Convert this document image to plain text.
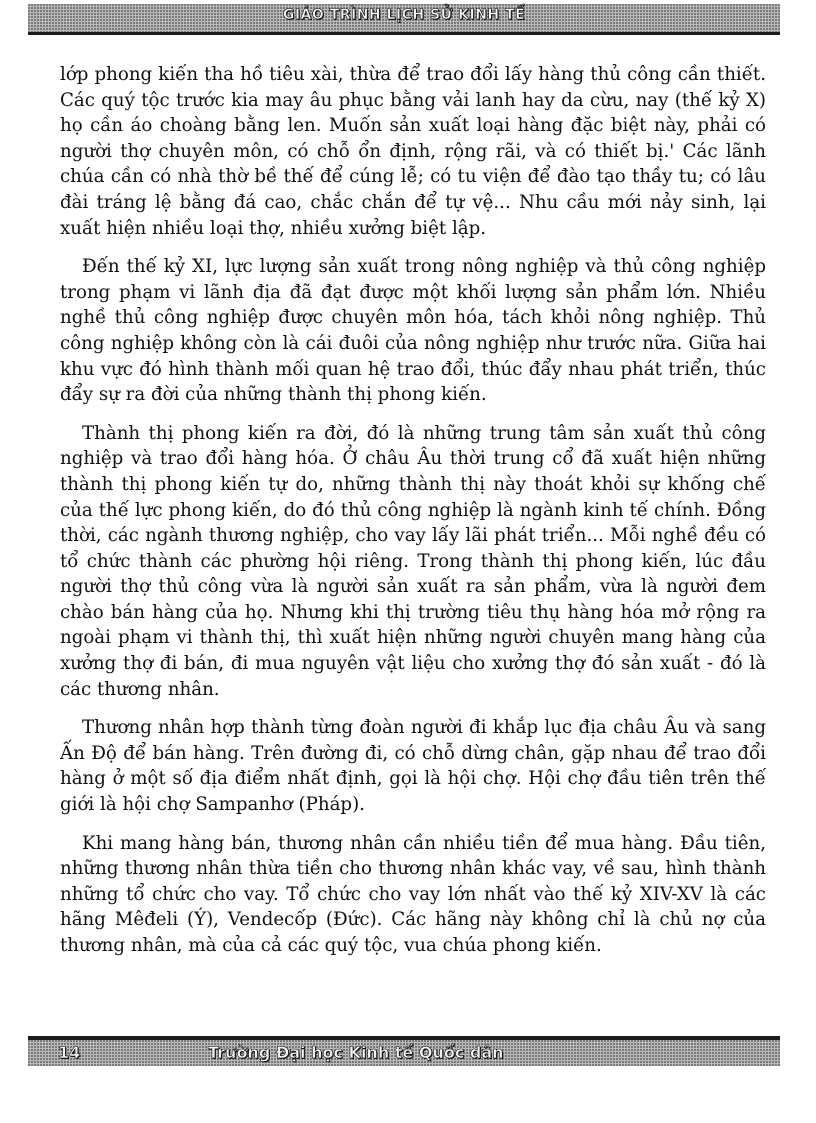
GIÁO TRÌNH LỊCH SỬ KINH TẾ

lớp phong kiến tha hồ tiêu xài, thừa để trao đổi lấy hàng thủ công cần thiết. Các quý tộc trước kia may âu phục bằng vải lanh hay da cừu, nay (thế kỷ X) họ cần áo choàng bằng len. Muốn sản xuất loại hàng đặc biệt này, phải có người thợ chuyên môn, có chỗ ổn định, rộng rãi, và có thiết bị.' Các lãnh chúa cần có nhà thờ bề thế để cúng lễ; có tu viện để đào tạo thầy tu; có lâu đài tráng lệ bằng đá cao, chắc chắn để tự vệ... Nhu cầu mới nảy sinh, lại xuất hiện nhiều loại thợ, nhiều xưởng biệt lập.

Đến thế kỷ XI, lực lượng sản xuất trong nông nghiệp và thủ công nghiệp trong phạm vi lãnh địa đã đạt được một khối lượng sản phẩm lớn. Nhiều nghề thủ công nghiệp được chuyên môn hóa, tách khỏi nông nghiệp. Thủ công nghiệp không còn là cái đuôi của nông nghiệp như trước nữa. Giữa hai khu vực đó hình thành mối quan hệ trao đổi, thúc đẩy nhau phát triển, thúc đẩy sự ra đời của những thành thị phong kiến.

Thành thị phong kiến ra đời, đó là những trung tâm sản xuất thủ công nghiệp và trao đổi hàng hóa. Ở châu Âu thời trung cổ đã xuất hiện những thành thị phong kiến tự do, những thành thị này thoát khỏi sự khống chế của thế lực phong kiến, do đó thủ công nghiệp là ngành kinh tế chính. Đồng thời, các ngành thương nghiệp, cho vay lấy lãi phát triển... Mỗi nghề đều có tổ chức thành các phường hội riêng. Trong thành thị phong kiến, lúc đầu người thợ thủ công vừa là người sản xuất ra sản phẩm, vừa là người đem chào bán hàng của họ. Nhưng khi thị trường tiêu thụ hàng hóa mở rộng ra ngoài phạm vi thành thị, thì xuất hiện những người chuyên mang hàng của xưởng thợ đi bán, đi mua nguyên vật liệu cho xưởng thợ đó sản xuất - đó là các thương nhân.

Thương nhân hợp thành từng đoàn người đi khắp lục địa châu Âu và sang Ấn Độ để bán hàng. Trên đường đi, có chỗ dừng chân, gặp nhau để trao đổi hàng ở một số địa điểm nhất định, gọi là hội chợ. Hội chợ đầu tiên trên thế giới là hội chợ Sampanhơ (Pháp).

Khi mang hàng bán, thương nhân cần nhiều tiền để mua hàng. Đầu tiên, những thương nhân thừa tiền cho thương nhân khác vay, về sau, hình thành những tổ chức cho vay. Tổ chức cho vay lớn nhất vào thế kỷ XIV-XV là các hãng Mêđeli (Ý), Vendecốp (Đức). Các hãng này không chỉ là chủ nợ của thương nhân, mà của cả các quý tộc, vua chúa phong kiến.

14	Trường Đại học Kinh tế Quốc dân
